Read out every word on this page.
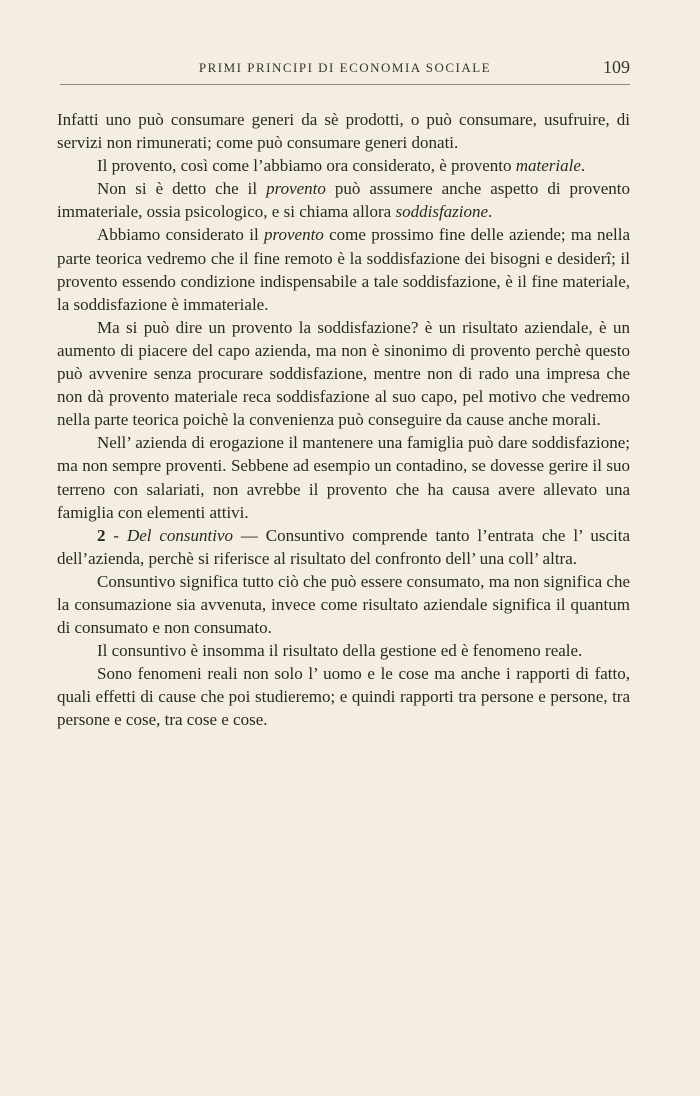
PRIMI PRINCIPI DI ECONOMIA SOCIALE	109

Infatti uno può consumare generi da sè prodotti, o può consumare, usufruire, di servizi non rimunerati; come può consumare generi donati.

Il provento, così come l’abbiamo ora considerato, è provento materiale.

Non si è detto che il provento può assumere anche aspetto di provento immateriale, ossia psicologico, e si chiama allora soddisfazione.

Abbiamo considerato il provento come prossimo fine delle aziende; ma nella parte teorica vedremo che il fine remoto è la soddisfazione dei bisogni e desiderî; il provento essendo condizione indispensabile a tale soddisfazione, è il fine materiale, la soddisfazione è immateriale.

Ma si può dire un provento la soddisfazione? è un risultato aziendale, è un aumento di piacere del capo azienda, ma non è sinonimo di provento perchè questo può avvenire senza procurare soddisfazione, mentre non di rado una impresa che non dà provento materiale reca soddisfazione al suo capo, pel motivo che vedremo nella parte teorica poichè la convenienza può conseguire da cause anche morali.

Nell’ azienda di erogazione il mantenere una famiglia può dare soddisfazione; ma non sempre proventi. Sebbene ad esempio un contadino, se dovesse gerire il suo terreno con salariati, non avrebbe il provento che ha causa avere allevato una famiglia con elementi attivi.

2 - Del consuntivo — Consuntivo comprende tanto l’entrata che l’ uscita dell’azienda, perchè si riferisce al risultato del confronto dell’ una coll’ altra.

Consuntivo significa tutto ciò che può essere consumato, ma non significa che la consumazione sia avvenuta, invece come risultato aziendale significa il quantum di consumato e non consumato.

Il consuntivo è insomma il risultato della gestione ed è fenomeno reale.

Sono fenomeni reali non solo l’ uomo e le cose ma anche i rapporti di fatto, quali effetti di cause che poi studieremo; e quindi rapporti tra persone e persone, tra persone e cose, tra cose e cose.
